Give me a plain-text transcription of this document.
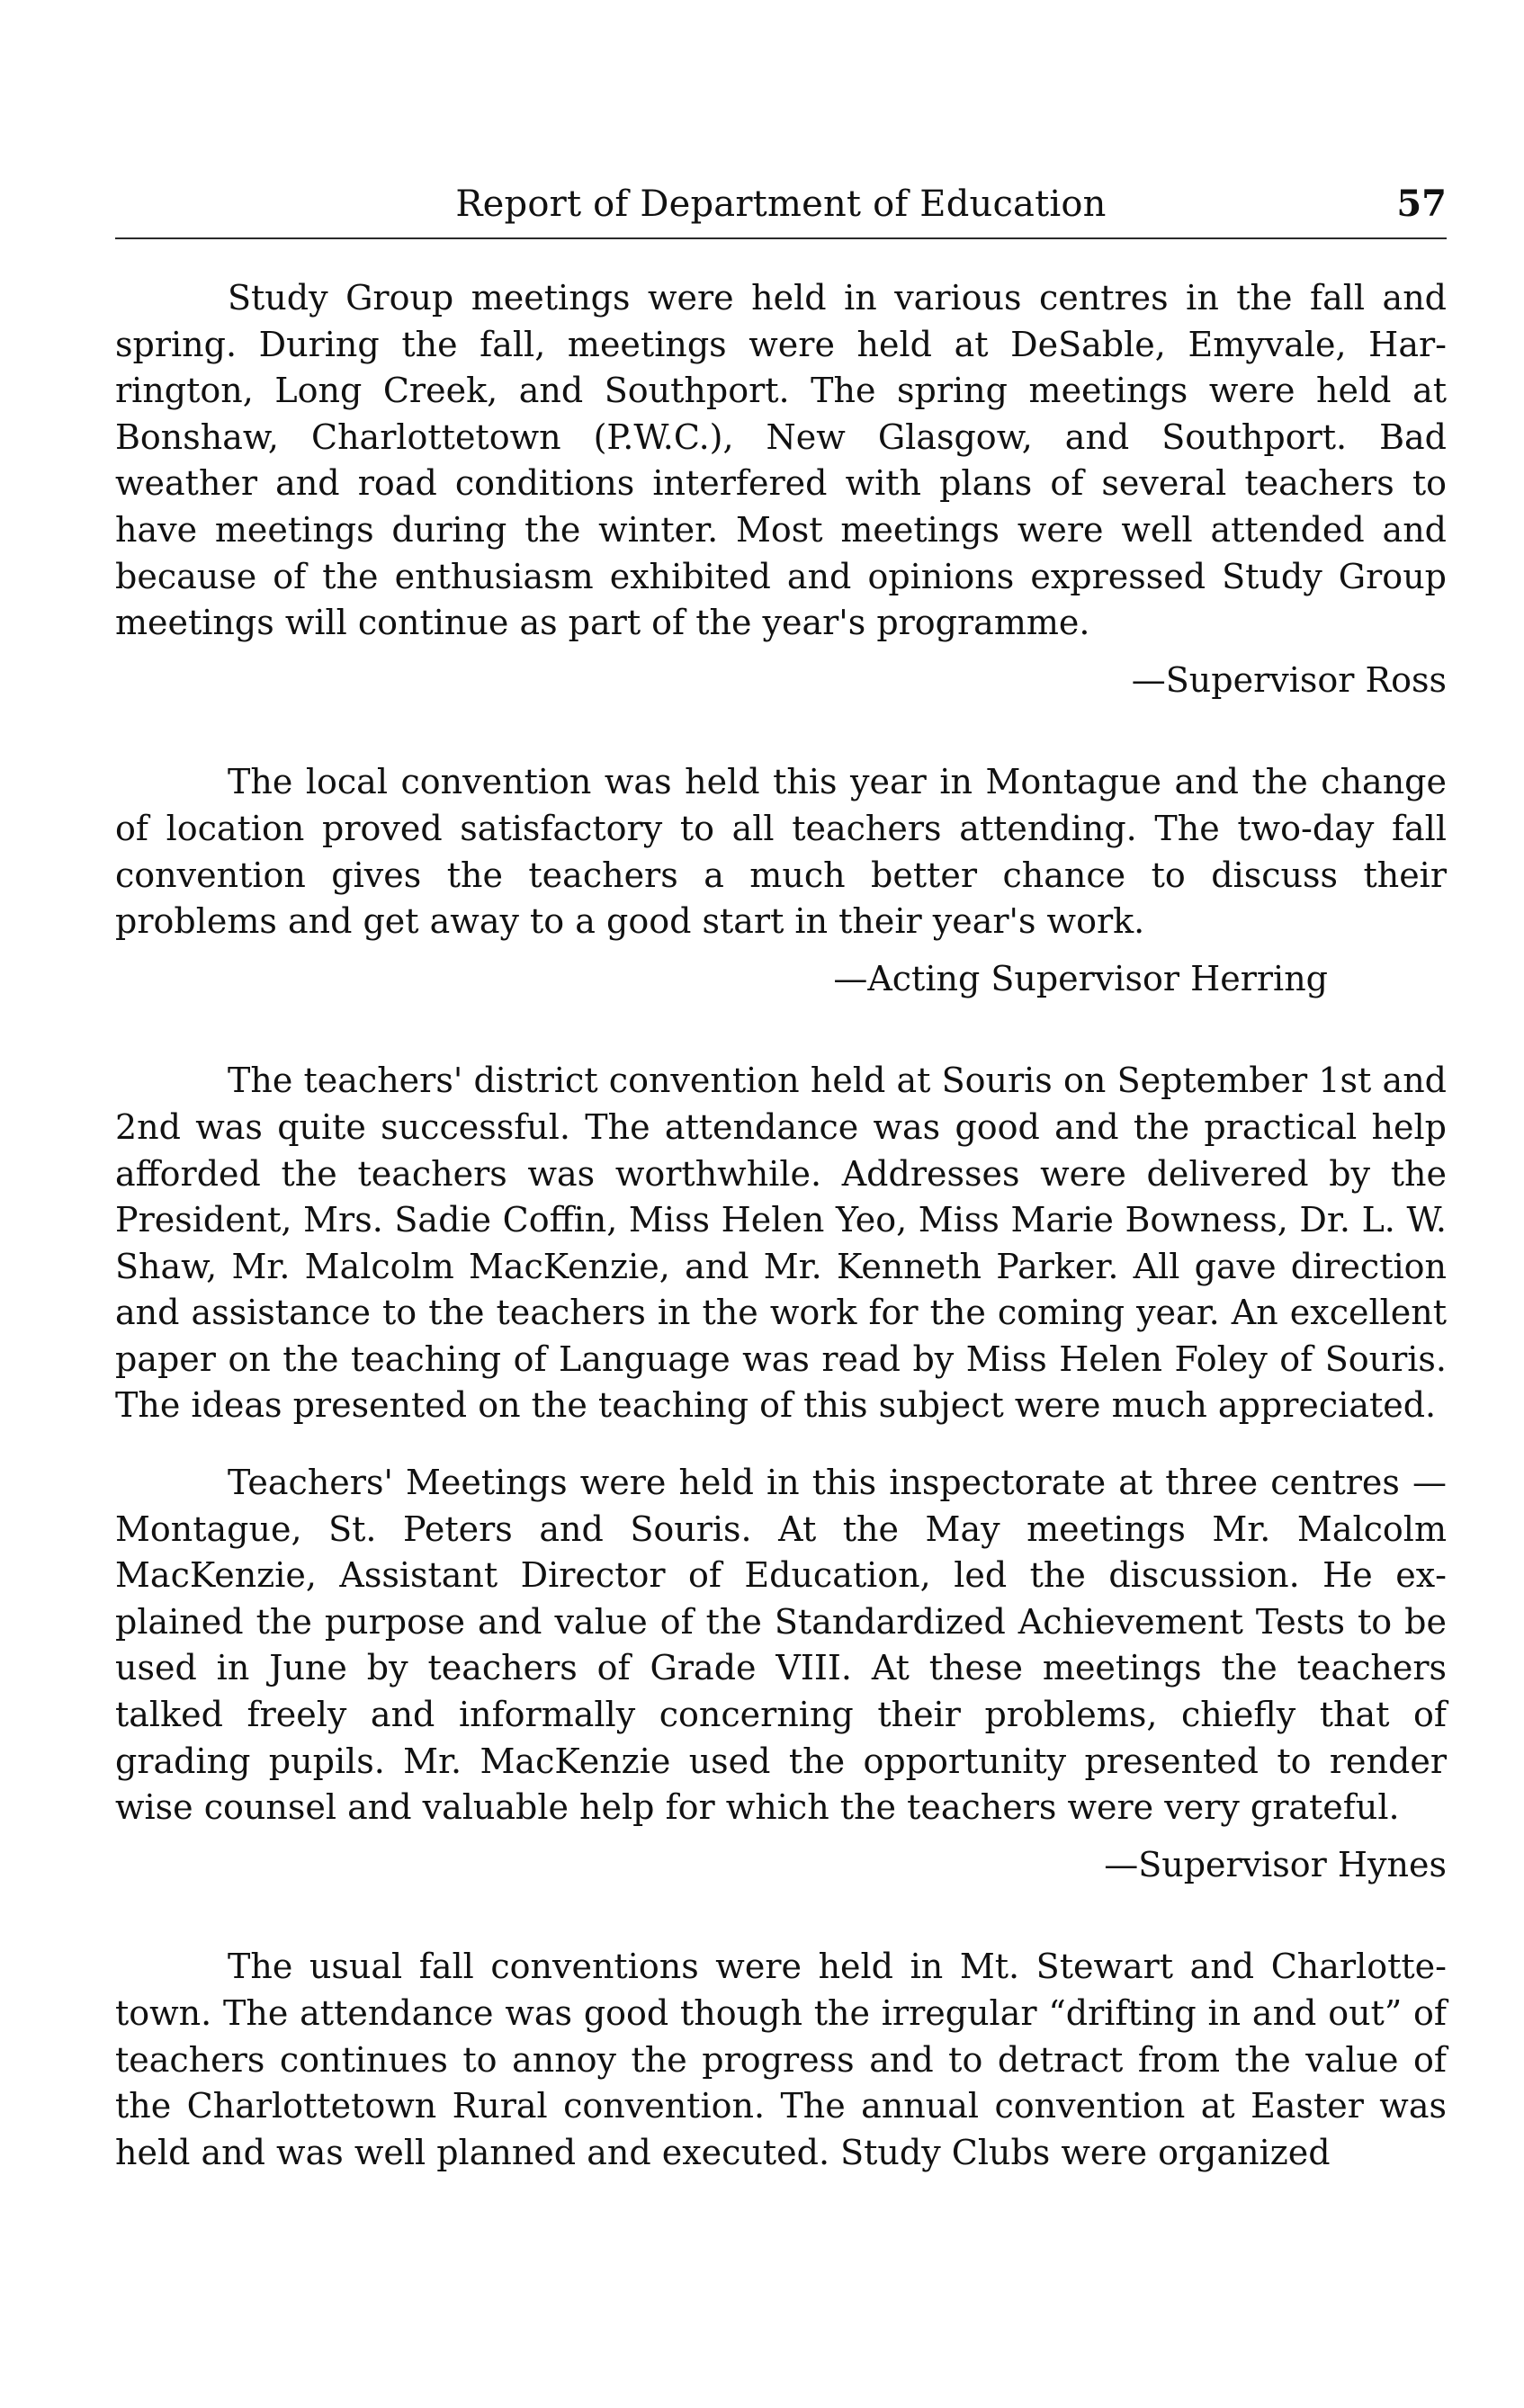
Report of Department of Education	57

Study Group meetings were held in various centres in the fall and spring. During the fall, meetings were held at DeSable, Emyvale, Harrington, Long Creek, and Southport. The spring meetings were held at Bonshaw, Charlottetown (P.W.C.), New Glasgow, and Southport. Bad weather and road conditions interfered with plans of several teachers to have meetings during the winter. Most meetings were well attended and because of the enthusiasm exhibited and opinions expressed Study Group meetings will continue as part of the year's programme.

—Supervisor Ross

The local convention was held this year in Montague and the change of location proved satisfactory to all teachers attending. The two-day fall convention gives the teachers a much better chance to discuss their problems and get away to a good start in their year's work.

—Acting Supervisor Herring

The teachers' district convention held at Souris on September 1st and 2nd was quite successful. The attendance was good and the practical help afforded the teachers was worthwhile. Addresses were delivered by the President, Mrs. Sadie Coffin, Miss Helen Yeo, Miss Marie Bowness, Dr. L. W. Shaw, Mr. Malcolm MacKenzie, and Mr. Kenneth Parker. All gave direction and assistance to the teachers in the work for the coming year. An excellent paper on the teaching of Language was read by Miss Helen Foley of Souris. The ideas presented on the teaching of this subject were much appreciated.

Teachers' Meetings were held in this inspectorate at three centres — Montague, St. Peters and Souris. At the May meetings Mr. Malcolm MacKenzie, Assistant Director of Education, led the discussion. He explained the purpose and value of the Standardized Achievement Tests to be used in June by teachers of Grade VIII. At these meetings the teachers talked freely and informally concerning their problems, chiefly that of grading pupils. Mr. MacKenzie used the opportunity presented to render wise counsel and valuable help for which the teachers were very grateful.

—Supervisor Hynes

The usual fall conventions were held in Mt. Stewart and Charlottetown. The attendance was good though the irregular “drifting in and out” of teachers continues to annoy the progress and to detract from the value of the Charlottetown Rural convention. The annual convention at Easter was held and was well planned and executed. Study Clubs were organized
